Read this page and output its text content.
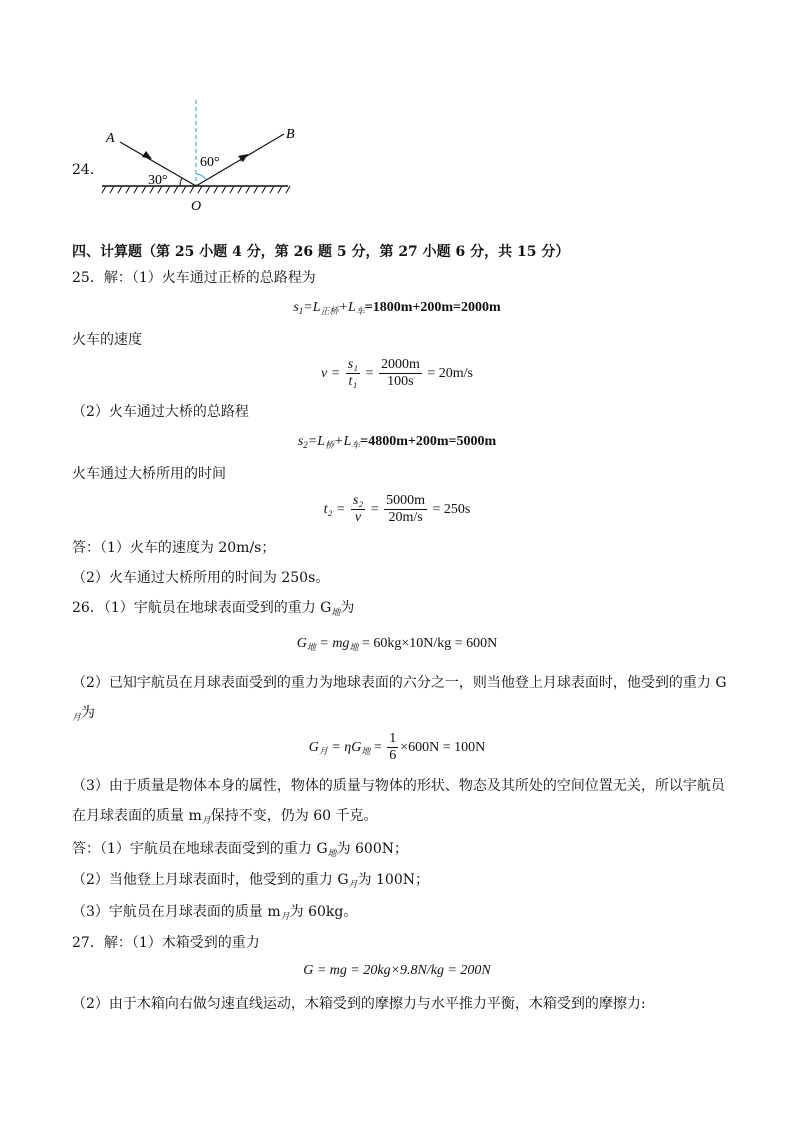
24．
A	B
O
30°
60°
四、计算题（第 25 小题 4 分，第 26 题 5 分，第 27 小题 6 分，共 15 分）
25．解：（1）火车通过正桥的总路程为
$s_1=L_{正桥}+L_车=1800m+200m=2000m$
火车的速度
$v = \frac{\text{s₁}}{\text{t₁}} = \frac{2000m}{100s} = 20m/s$
（2）火车通过大桥的总路程
$s_2=L_桥+L_车=4800m+200m=5000m$
火车通过大桥所用的时间
$t_2 = \frac{\text{s₂}}{v} = \frac{5000m}{20m/s} = 250s$
答：（1）火车的速度为 20m/s；
（2）火车通过大桥所用的时间为 250s。
26．（1）宇航员在地球表面受到的重力 $G_地$为
$G_地 = mg_地 = 60kg\times 10N/kg = 600N$
（2）已知宇航员在月球表面受到的重力为地球表面的六分之一，则当他登上月球表面时，他受到的重力 G
$_月$为
$G_月 = \eta G_地 = \frac{1}{6} \times 600N = 100N$
（3）由于质量是物体本身的属性，物体的质量与物体的形状、物态及其所处的空间位置无关，所以宇航员
在月球表面的质量 $m_月$保持不变，仍为 60 千克。
答：（1）宇航员在地球表面受到的重力 $G_地$为 600N；
（2）当他登上月球表面时，他受到的重力 $G_月$为 100N；
（3）宇航员在月球表面的质量 $m_月$为 60kg。
27．解：（1）木箱受到的重力
G = mg = 20kg×9.8N/kg = 200N
（2）由于木箱向右做匀速直线运动，木箱受到的摩擦力与水平推力平衡，木箱受到的摩擦力:
